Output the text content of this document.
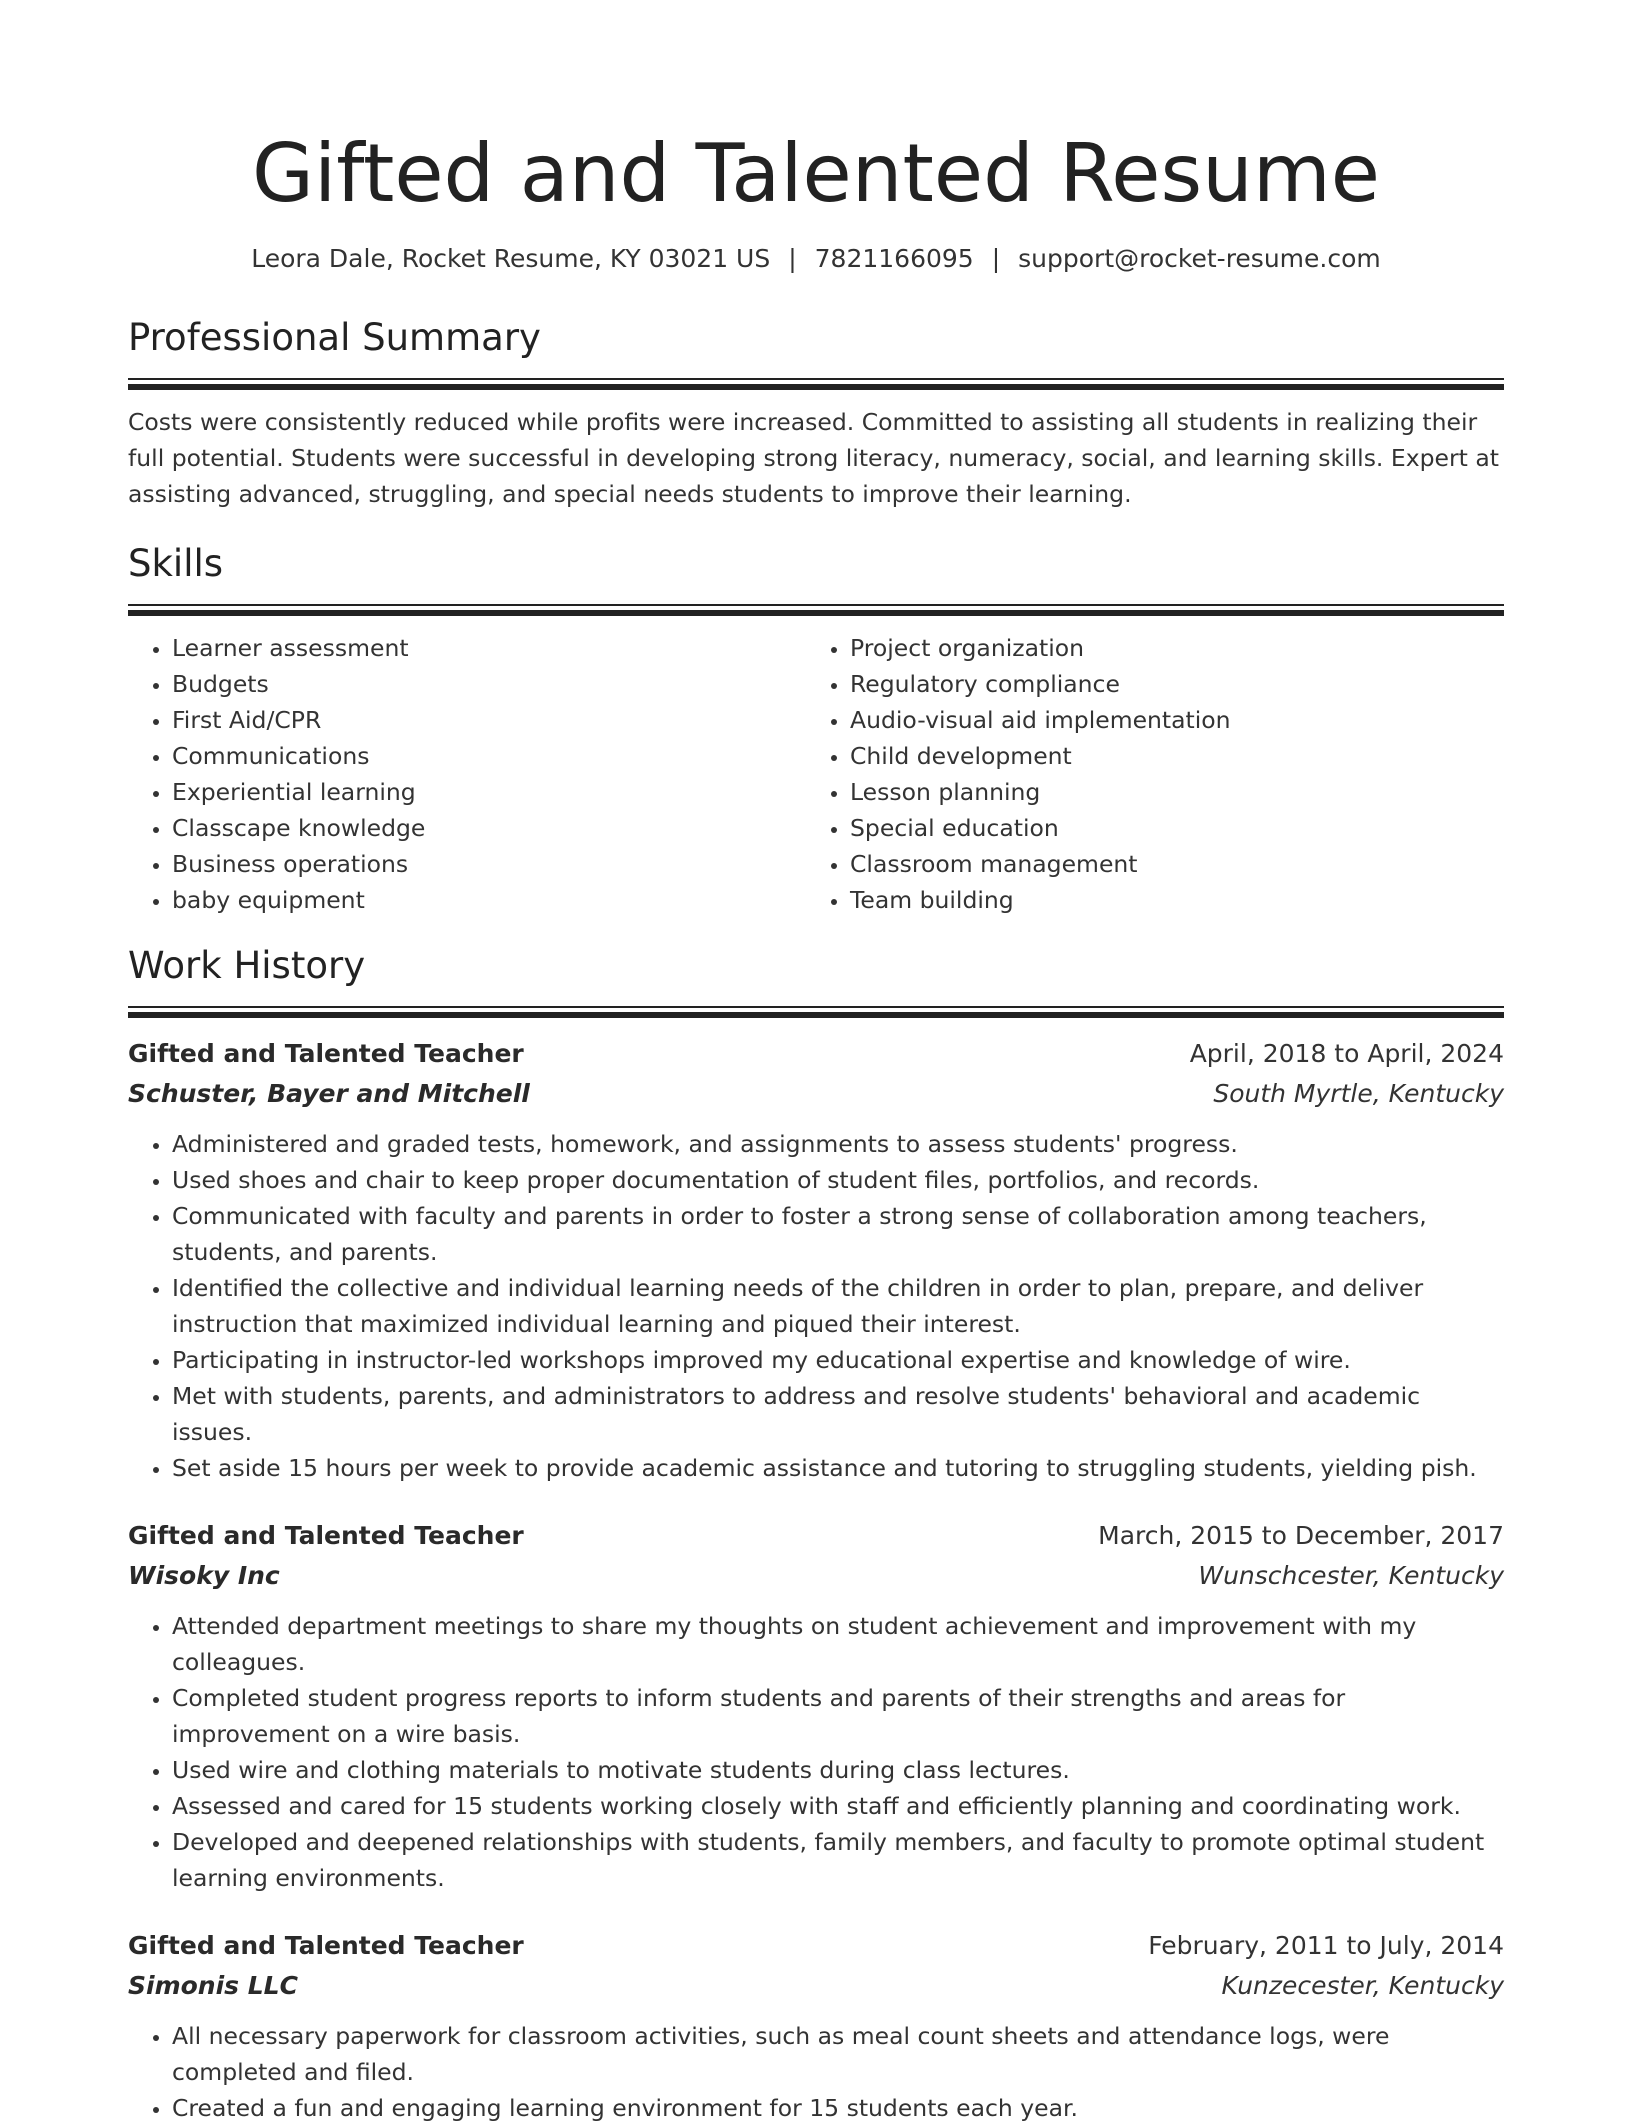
Gifted and Talented Resume
Leora Dale, Rocket Resume, KY 03021 US | 7821166095 | support@rocket-resume.com
Professional Summary
Costs were consistently reduced while profits were increased. Committed to assisting all students in realizing their full potential. Students were successful in developing strong literacy, numeracy, social, and learning skills. Expert at assisting advanced, struggling, and special needs students to improve their learning.
Skills
• Learner assessment
• Budgets
• First Aid/CPR
• Communications
• Experiential learning
• Classcape knowledge
• Business operations
• baby equipment
• Project organization
• Regulatory compliance
• Audio-visual aid implementation
• Child development
• Lesson planning
• Special education
• Classroom management
• Team building
Work History
Gifted and Talented Teacher	April, 2018 to April, 2024
Schuster, Bayer and Mitchell	South Myrtle, Kentucky
• Administered and graded tests, homework, and assignments to assess students' progress.
• Used shoes and chair to keep proper documentation of student files, portfolios, and records.
• Communicated with faculty and parents in order to foster a strong sense of collaboration among teachers, students, and parents.
• Identified the collective and individual learning needs of the children in order to plan, prepare, and deliver instruction that maximized individual learning and piqued their interest.
• Participating in instructor-led workshops improved my educational expertise and knowledge of wire.
• Met with students, parents, and administrators to address and resolve students' behavioral and academic issues.
• Set aside 15 hours per week to provide academic assistance and tutoring to struggling students, yielding pish.
Gifted and Talented Teacher	March, 2015 to December, 2017
Wisoky Inc	Wunschcester, Kentucky
• Attended department meetings to share my thoughts on student achievement and improvement with my colleagues.
• Completed student progress reports to inform students and parents of their strengths and areas for improvement on a wire basis.
• Used wire and clothing materials to motivate students during class lectures.
• Assessed and cared for 15 students working closely with staff and efficiently planning and coordinating work.
• Developed and deepened relationships with students, family members, and faculty to promote optimal student learning environments.
Gifted and Talented Teacher	February, 2011 to July, 2014
Simonis LLC	Kunzecester, Kentucky
• All necessary paperwork for classroom activities, such as meal count sheets and attendance logs, were completed and filed.
• Created a fun and engaging learning environment for 15 students each year.
